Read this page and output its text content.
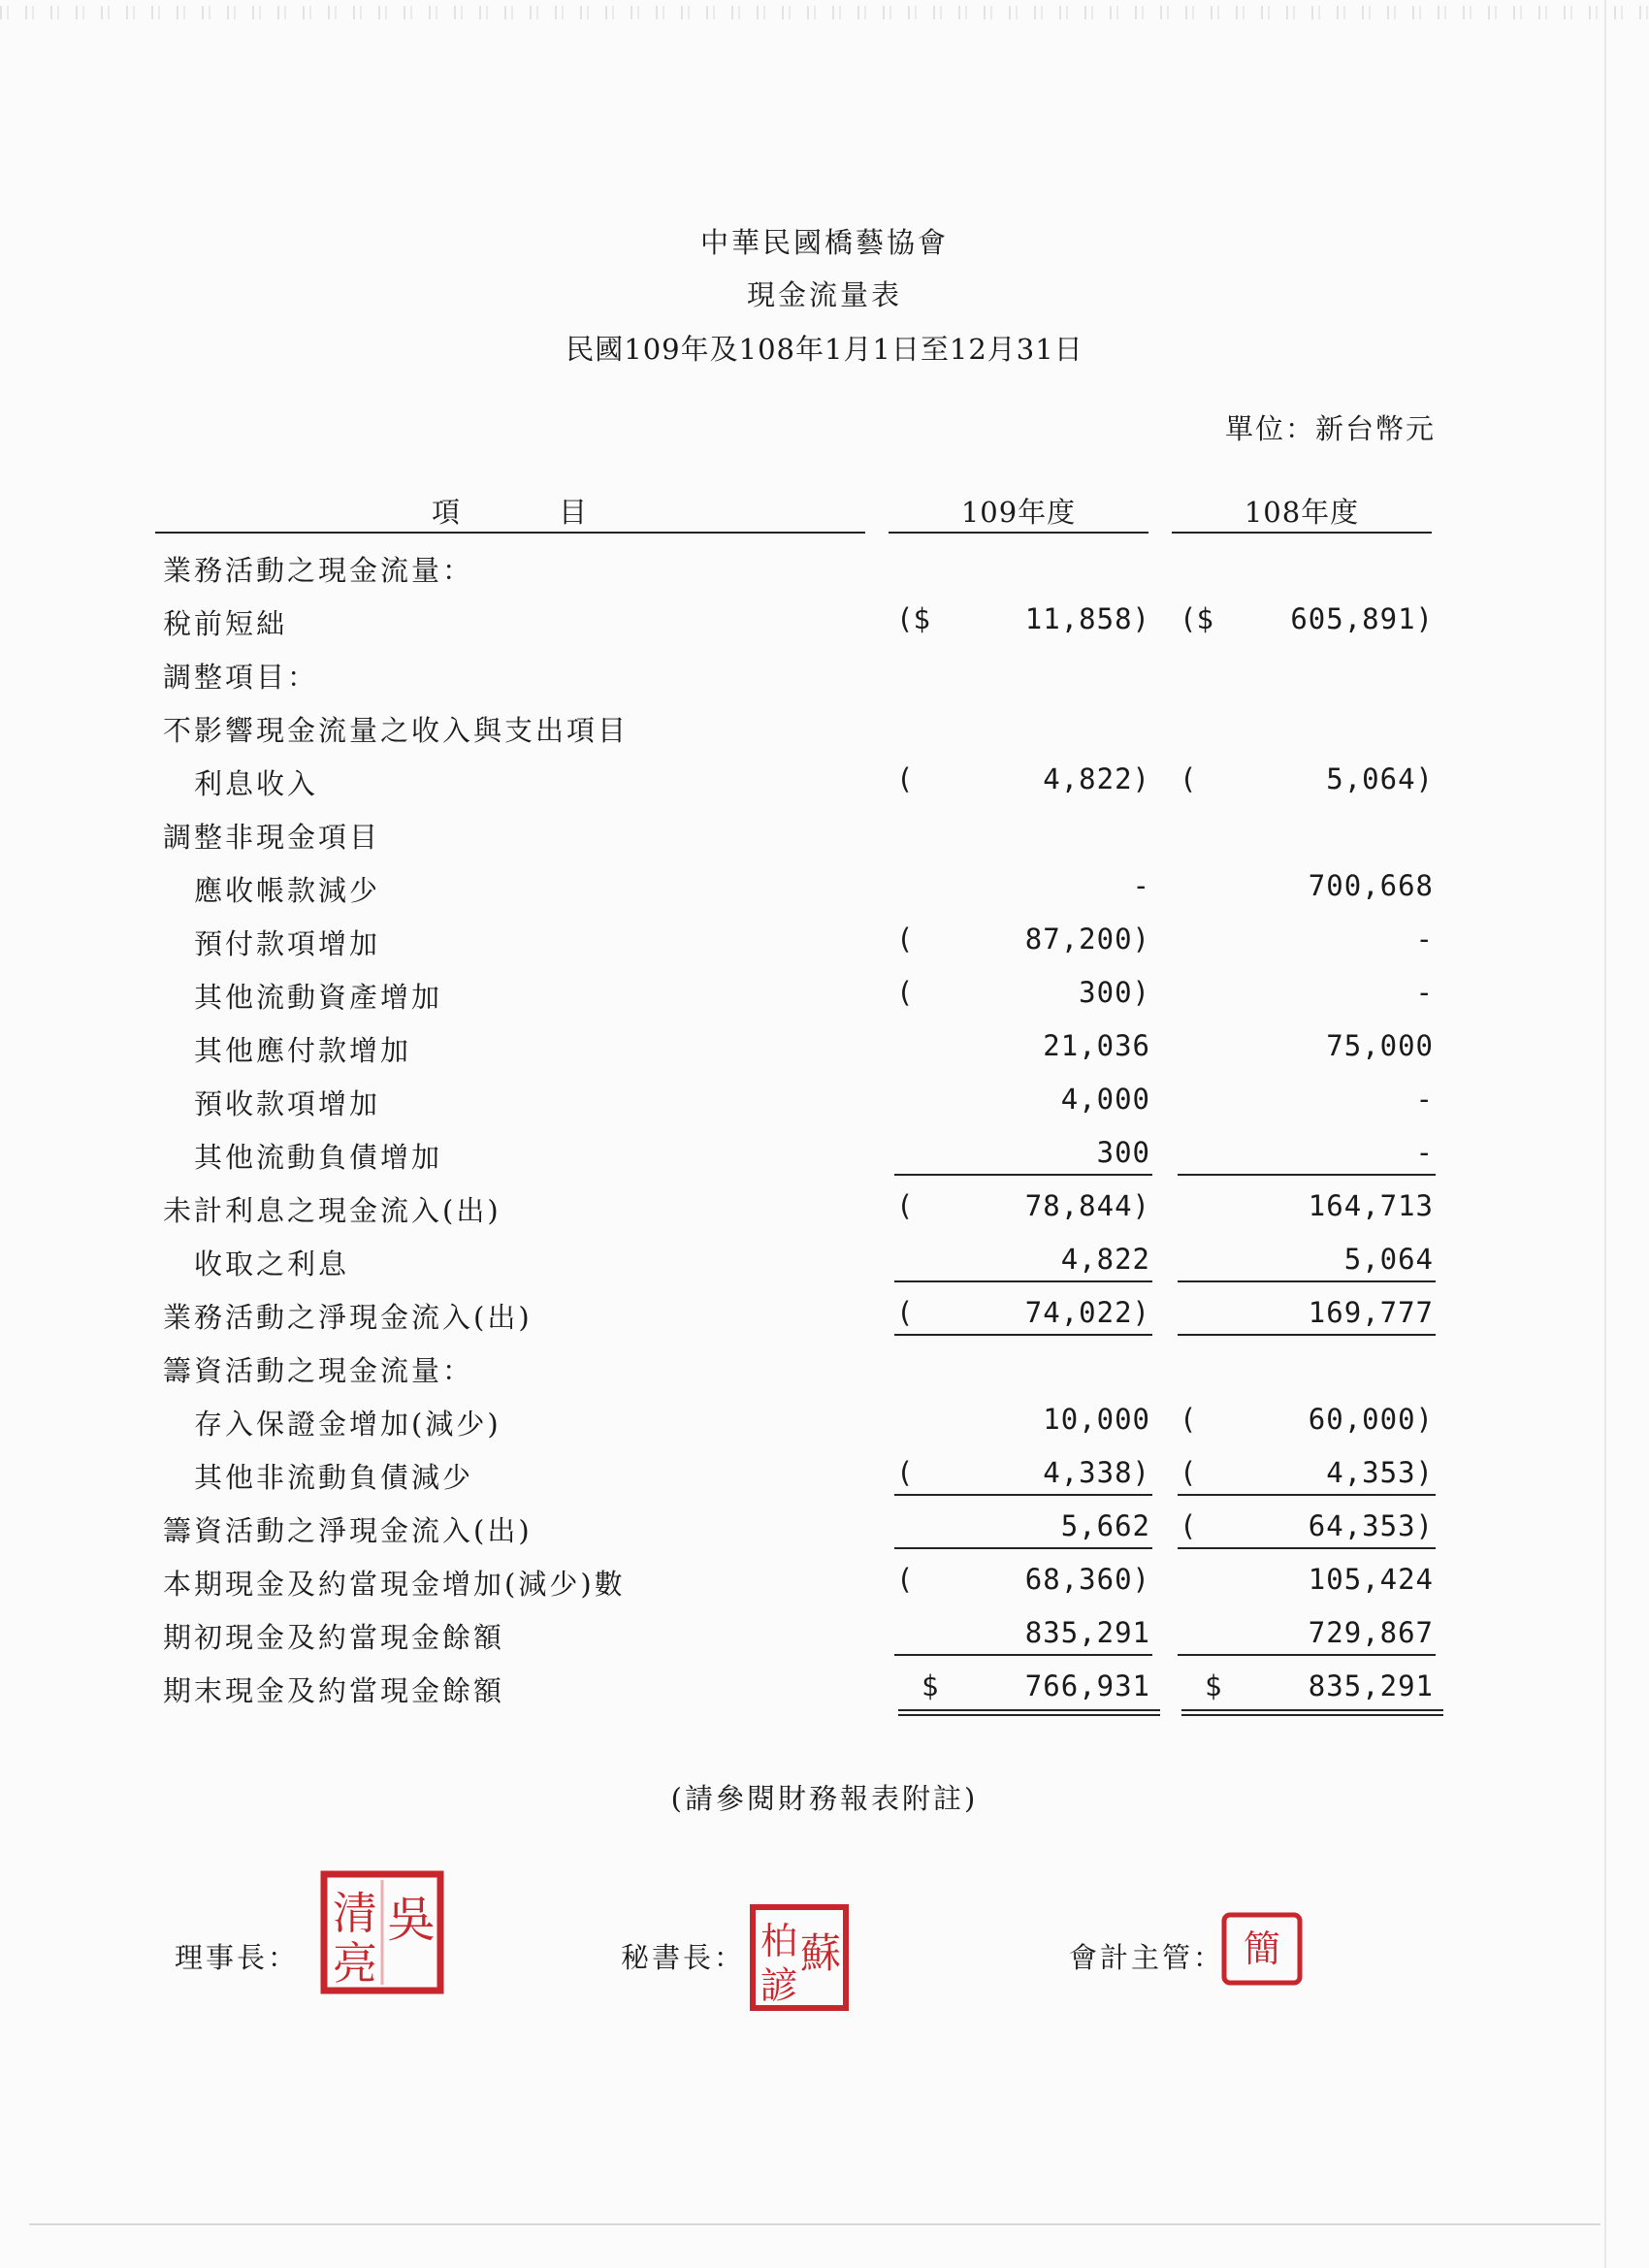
中華民國橋藝協會
現金流量表
民國109年及108年1月1日至12月31日
單位：新台幣元
項	目	109年度	108年度
業務活動之現金流量：
稅前短絀	($	11,858) ($	605,891)
調整項目：
不影響現金流量之收入與支出項目
利息收入	(	4,822) (	5,064)
調整非現金項目
應收帳款減少	-	700,668
預付款項增加	(	87,200)	-
其他流動資產增加	(	300)	-
其他應付款增加	21,036	75,000
預收款項增加	4,000	-
其他流動負債增加	300	-
未計利息之現金流入(出)	(	78,844)	164,713
收取之利息	4,822	5,064
業務活動之淨現金流入(出)	(	74,022)	169,777
籌資活動之現金流量：
存入保證金增加(減少)	10,000 (	60,000)
其他非流動負債減少	(	4,338) (	4,353)
籌資活動之淨現金流入(出)	5,662 (	64,353)
本期現金及約當現金增加(減少)數	(	68,360)	105,424
期初現金及約當現金餘額	835,291	729,867
期末現金及約當現金餘額	$	766,931 $	835,291
(請參閱財務報表附註)
理事長：	秘書長：	會計主管：
吳
清
亮	蘇
柏
諺
簡
